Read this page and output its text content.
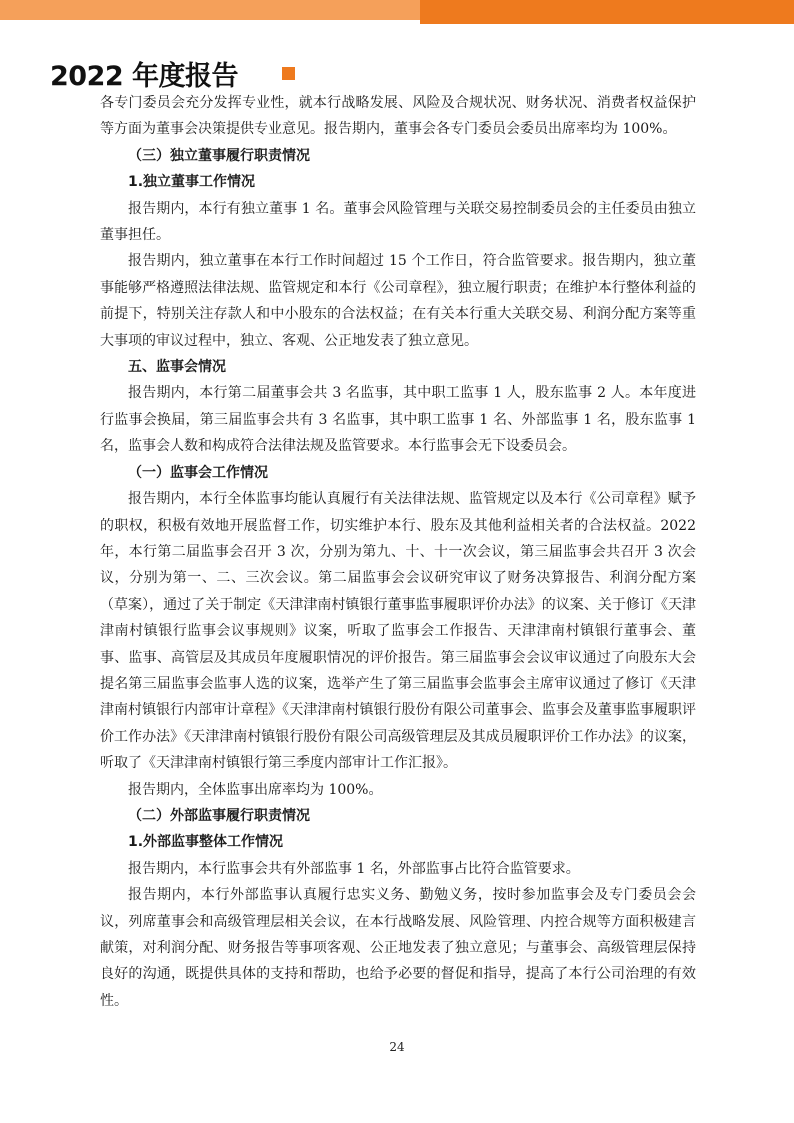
2022 年度报告

各专门委员会充分发挥专业性，就本行战略发展、风险及合规状况、财务状况、消费者权益保护等方面为董事会决策提供专业意见。报告期内，董事会各专门委员会委员出席率均为 100%。

（三）独立董事履行职责情况
1.独立董事工作情况

报告期内，本行有独立董事 1 名。董事会风险管理与关联交易控制委员会的主任委员由独立董事担任。

报告期内，独立董事在本行工作时间超过 15 个工作日，符合监管要求。报告期内，独立董事能够严格遵照法律法规、监管规定和本行《公司章程》，独立履行职责；在维护本行整体利益的前提下，特别关注存款人和中小股东的合法权益；在有关本行重大关联交易、利润分配方案等重大事项的审议过程中，独立、客观、公正地发表了独立意见。

五、监事会情况

报告期内，本行第二届董事会共 3 名监事，其中职工监事 1 人，股东监事 2 人。本年度进行监事会换届，第三届监事会共有 3 名监事，其中职工监事 1 名、外部监事 1 名，股东监事 1 名，监事会人数和构成符合法律法规及监管要求。本行监事会无下设委员会。

（一）监事会工作情况

报告期内，本行全体监事均能认真履行有关法律法规、监管规定以及本行《公司章程》赋予的职权，积极有效地开展监督工作，切实维护本行、股东及其他利益相关者的合法权益。2022 年，本行第二届监事会召开 3 次，分别为第九、十、十一次会议，第三届监事会共召开 3 次会议，分别为第一、二、三次会议。第二届监事会会议研究审议了财务决算报告、利润分配方案（草案），通过了关于制定《天津津南村镇银行董事监事履职评价办法》的议案、关于修订《天津津南村镇银行监事会议事规则》议案，听取了监事会工作报告、天津津南村镇银行董事会、董事、监事、高管层及其成员年度履职情况的评价报告。第三届监事会会议审议通过了向股东大会提名第三届监事会监事人选的议案，选举产生了第三届监事会监事会主席审议通过了修订《天津津南村镇银行内部审计章程》《天津津南村镇银行股份有限公司董事会、监事会及董事监事履职评价工作办法》《天津津南村镇银行股份有限公司高级管理层及其成员履职评价工作办法》的议案，听取了《天津津南村镇银行第三季度内部审计工作汇报》。

报告期内，全体监事出席率均为 100%。

（二）外部监事履行职责情况
1.外部监事整体工作情况

报告期内，本行监事会共有外部监事 1 名，外部监事占比符合监管要求。

报告期内，本行外部监事认真履行忠实义务、勤勉义务，按时参加监事会及专门委员会会议，列席董事会和高级管理层相关会议，在本行战略发展、风险管理、内控合规等方面积极建言献策，对利润分配、财务报告等事项客观、公正地发表了独立意见；与董事会、高级管理层保持良好的沟通，既提供具体的支持和帮助，也给予必要的督促和指导，提高了本行公司治理的有效性。

24
